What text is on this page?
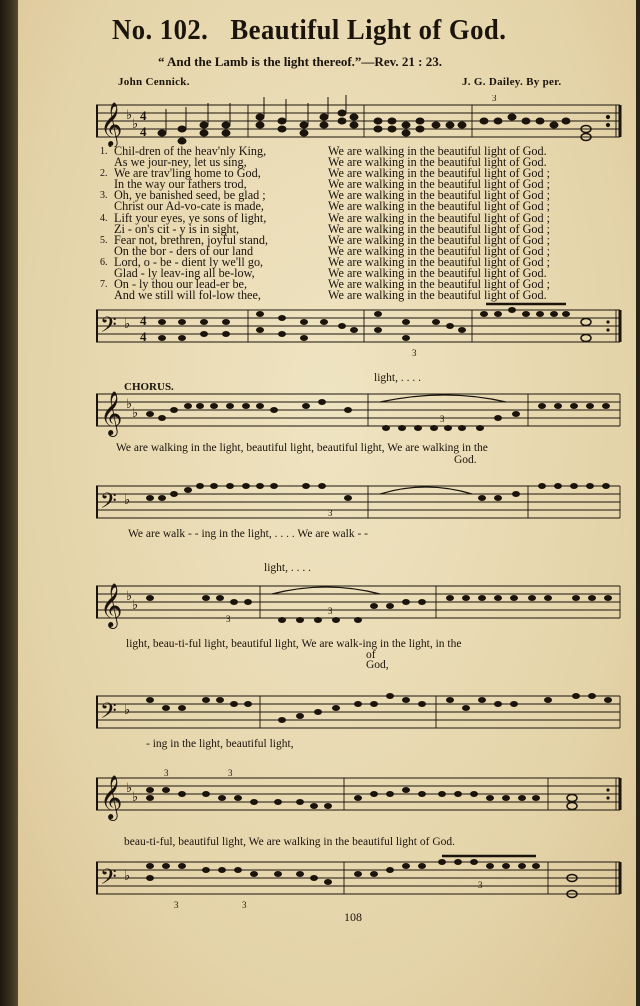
No. 102. Beautiful Light of God.
“ And the Lamb is the light thereof.”—Rev. 21 : 23.
John Cennick.	J. G. Dailey. By per.
𝄞 ♭
♭
4
4
3
1. Chil-dren of the heav'nly King,	We are walking in the beautiful light of God.
As we jour-ney, let us sing,	We are walking in the beautiful light of God.
2. We are trav'ling home to God,	We are walking in the beautiful light of God ;
In the way our fathers trod,	We are walking in the beautiful light of God ;
3. Oh, ye banished seed, be glad ;	We are walking in the beautiful light of God ;
Christ our Ad-vo-cate is made,	We are walking in the beautiful light of God ;
4. Lift your eyes, ye sons of light,	We are walking in the beautiful light of God ;
Zi - on's cit - y is in sight,	We are walking in the beautiful light of God ;
5. Fear not, brethren, joyful stand,	We are walking in the beautiful light of God ;
On the bor - ders of our land	We are walking in the beautiful light of God ;
6. Lord, o - be - dient ly we'll go,	We are walking in the beautiful light of God ;
Glad - ly leav-ing all be-low,	We are walking in the beautiful light of God.
7. On - ly thou our lead-er be,	We are walking in the beautiful light of God ;
And we still will fol-low thee,	We are walking in the beautiful light of God.
𝄢 ♭ 4
4
3
CHORUS.
light, . . . .
𝄞 ♭
♭	3
We are walking in the light, beautiful light, beautiful light, We are walking in the
God.
𝄢 ♭
3
We are walk - - ing in the light, . . . . We are walk - -
light, . . . .
𝄞 ♭
♭
3
3
light, beau-ti-ful light, beautiful light, We are walk-ing in the light, in the
of
God,
𝄢 ♭
- ing in the light, beautiful light,
𝄞 ♭
♭
3	3
beau-ti-ful, beautiful light, We are walking in the beautiful light of God.
𝄢 ♭
3	3
3
108
